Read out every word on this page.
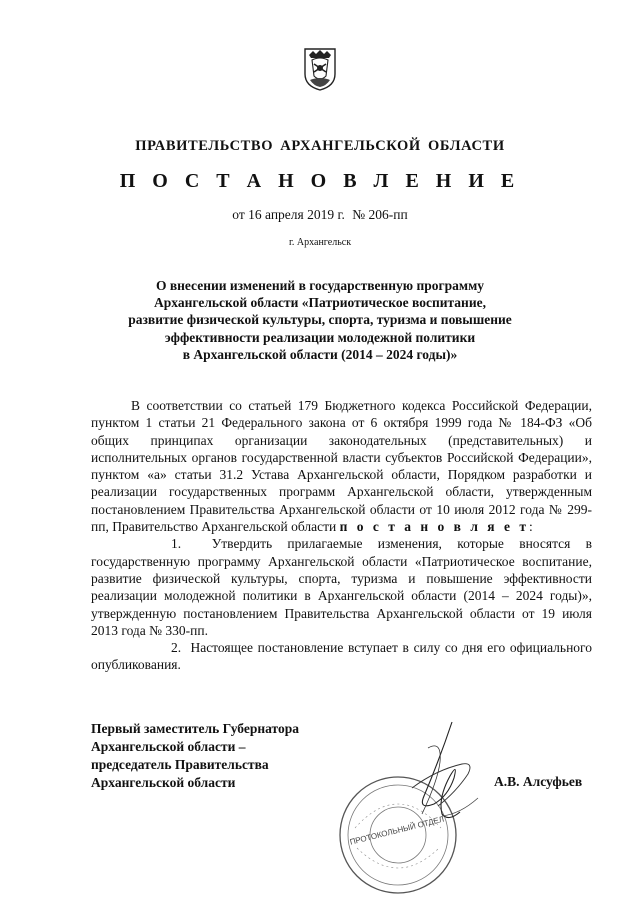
ПРАВИТЕЛЬСТВО АРХАНГЕЛЬСКОЙ ОБЛАСТИ
П О С Т А Н О В Л Е Н И Е
от 16 апреля 2019 г. № 206-пп
г. Архангельск
О внесении изменений в государственную программу
Архангельской области «Патриотическое воспитание,
развитие физической культуры, спорта, туризма и повышение
эффективности реализации молодежной политики
в Архангельской области (2014 – 2024 годы)»

В соответствии со статьей 179 Бюджетного кодекса Российской Федерации, пунктом 1 статьи 21 Федерального закона от 6 октября 1999 года № 184-ФЗ «Об общих принципах организации законодательных (представительных) и исполнительных органов государственной власти субъектов Российской Федерации», пунктом «а» статьи 31.2 Устава Архангельской области, Порядком разработки и реализации государственных программ Архангельской области, утвержденным постановлением Правительства Архангельской области от 10 июля 2012 года № 299-пп, Правительство Архангельской области п о с т а н о в л я е т:

1. Утвердить прилагаемые изменения, которые вносятся в государственную программу Архангельской области «Патриотическое воспитание, развитие физической культуры, спорта, туризма и повышение эффективности реализации молодежной политики в Архангельской области (2014 – 2024 годы)», утвержденную постановлением Правительства Архангельской области от 19 июля 2013 года № 330-пп.

2. Настоящее постановление вступает в силу со дня его официального опубликования.

Первый заместитель Губернатора
Архангельской области –
председатель Правительства
Архангельской области
ПРОТОКОЛЬНЫЙ ОТДЕЛ
А.В. Алсуфьев
